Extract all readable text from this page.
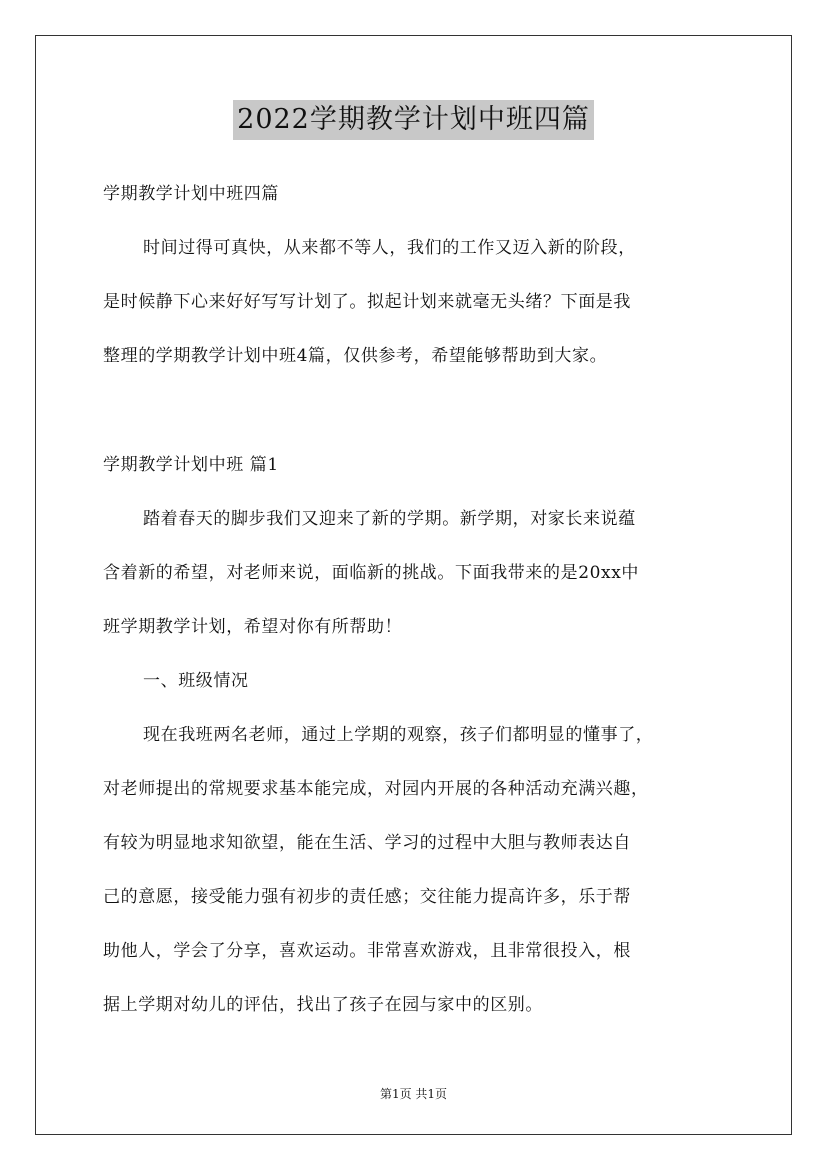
2022学期教学计划中班四篇
学期教学计划中班四篇
时间过得可真快，从来都不等人，我们的工作又迈入新的阶段，
是时候静下心来好好写写计划了。拟起计划来就毫无头绪？下面是我
整理的学期教学计划中班4篇，仅供参考，希望能够帮助到大家。
学期教学计划中班 篇1
踏着春天的脚步我们又迎来了新的学期。新学期，对家长来说蕴
含着新的希望，对老师来说，面临新的挑战。下面我带来的是20xx中
班学期教学计划，希望对你有所帮助！
一、班级情况
现在我班两名老师，通过上学期的观察，孩子们都明显的懂事了，
对老师提出的常规要求基本能完成，对园内开展的各种活动充满兴趣，
有较为明显地求知欲望，能在生活、学习的过程中大胆与教师表达自
己的意愿，接受能力强有初步的责任感；交往能力提高许多，乐于帮
助他人，学会了分享，喜欢运动。非常喜欢游戏，且非常很投入，根
据上学期对幼儿的评估，找出了孩子在园与家中的区别。
第1页 共1页
